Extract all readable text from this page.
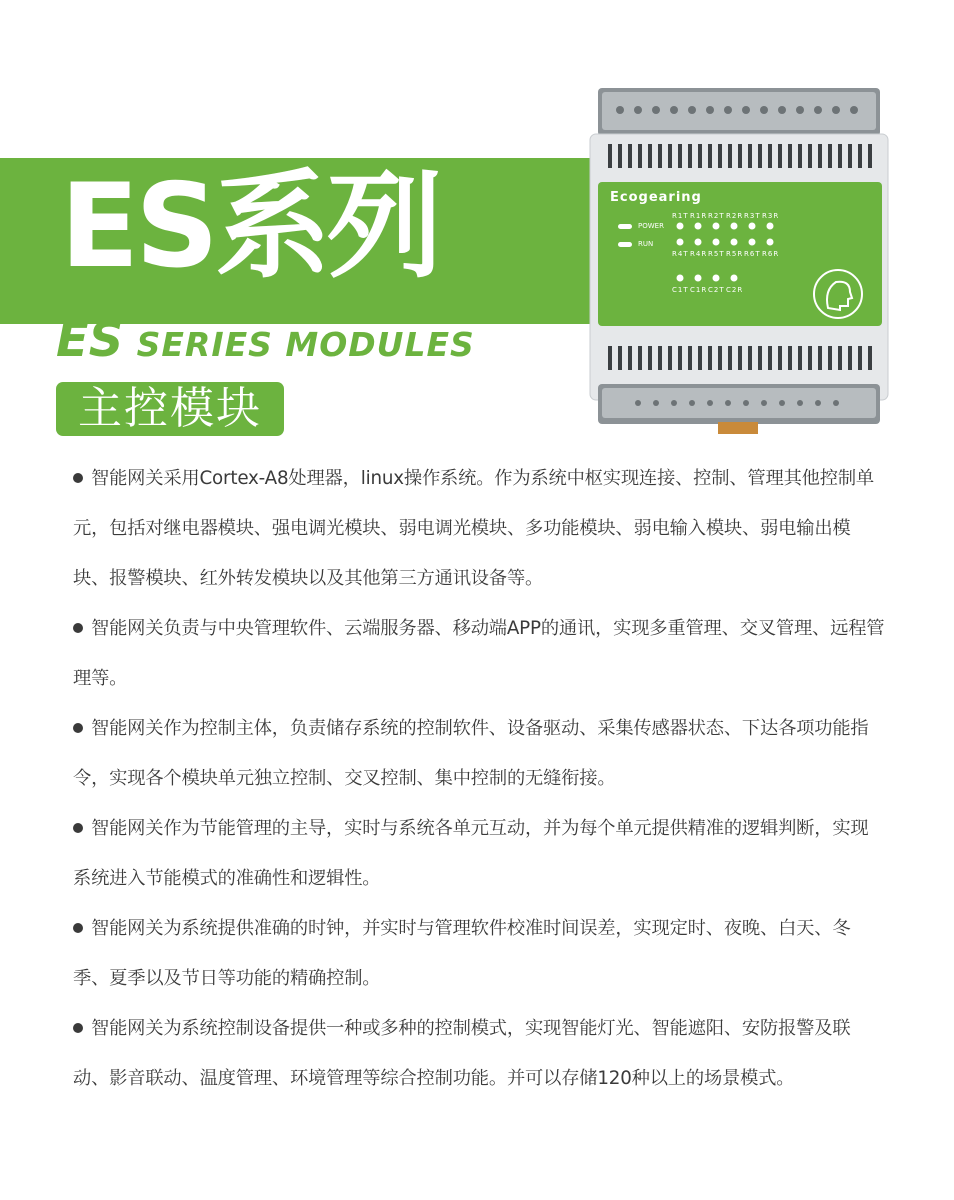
ES系列
ES SERIES MODULES
主控模块
Ecogearing
POWER
RUN
R1T R1R R2T R2R R3T R3R
R4T R4R R5T R5R R6T R6R
C1T C1R C2T C2R

智能网关采用Cortex-A8处理器，linux操作系统。作为系统中枢实现连接、控制、管理其他控制单元，包括对继电器模块、强电调光模块、弱电调光模块、多功能模块、弱电输入模块、弱电输出模块、报警模块、红外转发模块以及其他第三方通讯设备等。

智能网关负责与中央管理软件、云端服务器、移动端APP的通讯，实现多重管理、交叉管理、远程管理等。

智能网关作为控制主体，负责储存系统的控制软件、设备驱动、采集传感器状态、下达各项功能指令，实现各个模块单元独立控制、交叉控制、集中控制的无缝衔接。

智能网关作为节能管理的主导，实时与系统各单元互动，并为每个单元提供精准的逻辑判断，实现系统进入节能模式的准确性和逻辑性。

智能网关为系统提供准确的时钟，并实时与管理软件校准时间误差，实现定时、夜晚、白天、冬季、夏季以及节日等功能的精确控制。

智能网关为系统控制设备提供一种或多种的控制模式，实现智能灯光、智能遮阳、安防报警及联动、影音联动、温度管理、环境管理等综合控制功能。并可以存储120种以上的场景模式。
